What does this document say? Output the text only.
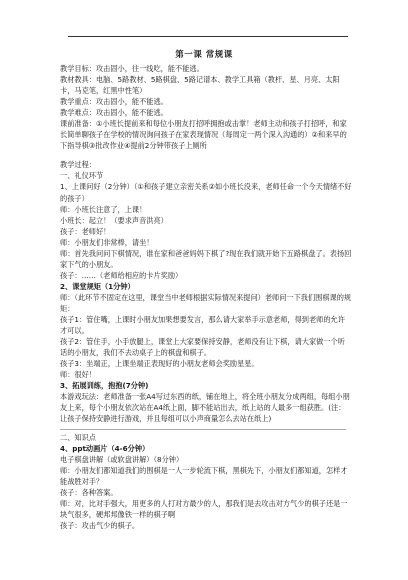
第一课 常规课

教学目标：攻击固小，往一线吃，能不能逃。

教材教具：电脑、5路教材、5路棋盘、5路记谱本、教学工具箱（教杆、星、月亮、太阳卡，马克笔，红黑中性笔）

教学重点：攻击固小，能不能逃。

教学难点：攻击固小，能不能逃。

课前准备：①小班长提前来和每位小朋友打招呼拥抱或击掌！老师主动和孩子打招呼，和家长简单聊孩子在学校的情况询问孩子在家表现情况（每周定一两个深入沟通的）②和来早的下指导棋③批改作业④提前2分钟带孩子上厕所

教学过程：

一、礼仪环节

1、上课问好（2分钟）（①和孩子建立亲密关系②如小班长没来，老师任命一个今天情绪不好的孩子）

师：小班长注意了，上课！

小班长：起立！（要求声音洪亮）

孩子：老师好！

师：小朋友们非常棒，请坐！

师：首先我问问下棋情况，谁在家和爸爸妈妈下棋了?现在我们就开始下五路棋盘了。表扬回家下气的小朋友。

孩子：……（老师给相应的卡片奖励）

2、课堂规矩（1分钟）

师：（此环节不固定在这里，课堂当中老师根据实际情况来提问）老师问一下我们围棋课的规矩：

孩子1：管住嘴，上课时小朋友加果想要发言，那么请大家举手示意老师，得到老师的允许才可以。

孩子2：管住手，小手放腿上，课堂上大家要保持安静，老师没有让下棋，请大家做一个听话的小朋友，我们不去动桌子上的棋盘和棋子。

孩子3：坐端正，上课坐端正表现好的小朋友老师会奖励星星。

师：很好！

3、拓展训练，抱抱(7分钟)

本游戏玩法：老师准备一张A4写过东西的纸，铺在地上，将全班小朋友分成两组，每组小朋友上来，每个小朋友依次站在A4纸上面，脚不能站出去，纸上站的人最多一组获胜。(注：让孩子保持安静进行游戏，并且每组可以小声商量怎么去站在纸上)

二、知识点

4、ppt动画片（4-6分钟）

电子棋盘讲解（或软盘讲解）（8分钟）

师：小朋友们都知道我们的围棋是一人一步轮流下棋，黑棋先下，小朋友们都知道，怎样才能战胜对手？

孩子：各种答案。

师：对，比对手强大，用更多的人打对方最少的人，那我们是去攻击对方气少的棋子还是一块气很多，硬邦邦像铁一样的棋子啊

孩子：攻击气少的棋子。
